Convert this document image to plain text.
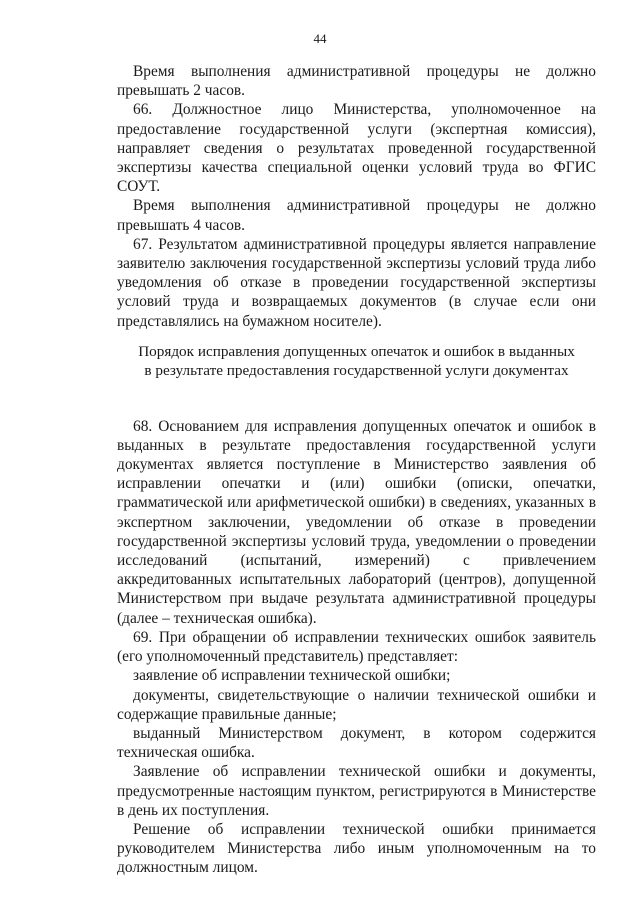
44

Время выполнения административной процедуры не должно превышать 2 часов.

66. Должностное лицо Министерства, уполномоченное на предоставление государственной услуги (экспертная комиссия), направляет сведения о результатах проведенной государственной экспертизы качества специальной оценки условий труда во ФГИС СОУТ.

Время выполнения административной процедуры не должно превышать 4 часов.

67. Результатом административной процедуры является направление заявителю заключения государственной экспертизы условий труда либо уведомления об отказе в проведении государственной экспертизы условий труда и возвращаемых документов (в случае если они представлялись на бумажном носителе).

Порядок исправления допущенных опечаток и ошибок в выданных
в результате предоставления государственной услуги документах

68. Основанием для исправления допущенных опечаток и ошибок в выданных в результате предоставления государственной услуги документах является поступление в Министерство заявления об исправлении опечатки и (или) ошибки (описки, опечатки, грамматической или арифметической ошибки) в сведениях, указанных в экспертном заключении, уведомлении об отказе в проведении государственной экспертизы условий труда, уведомлении о проведении исследований (испытаний, измерений) с привлечением аккредитованных испытательных лабораторий (центров), допущенной Министерством при выдаче результата административной процедуры (далее – техническая ошибка).

69. При обращении об исправлении технических ошибок заявитель (его уполномоченный представитель) представляет:

заявление об исправлении технической ошибки;

документы, свидетельствующие о наличии технической ошибки и содержащие правильные данные;

выданный Министерством документ, в котором содержится техническая ошибка.

Заявление об исправлении технической ошибки и документы, предусмотренные настоящим пунктом, регистрируются в Министерстве в день их поступления.

Решение об исправлении технической ошибки принимается руководителем Министерства либо иным уполномоченным на то должностным лицом.
